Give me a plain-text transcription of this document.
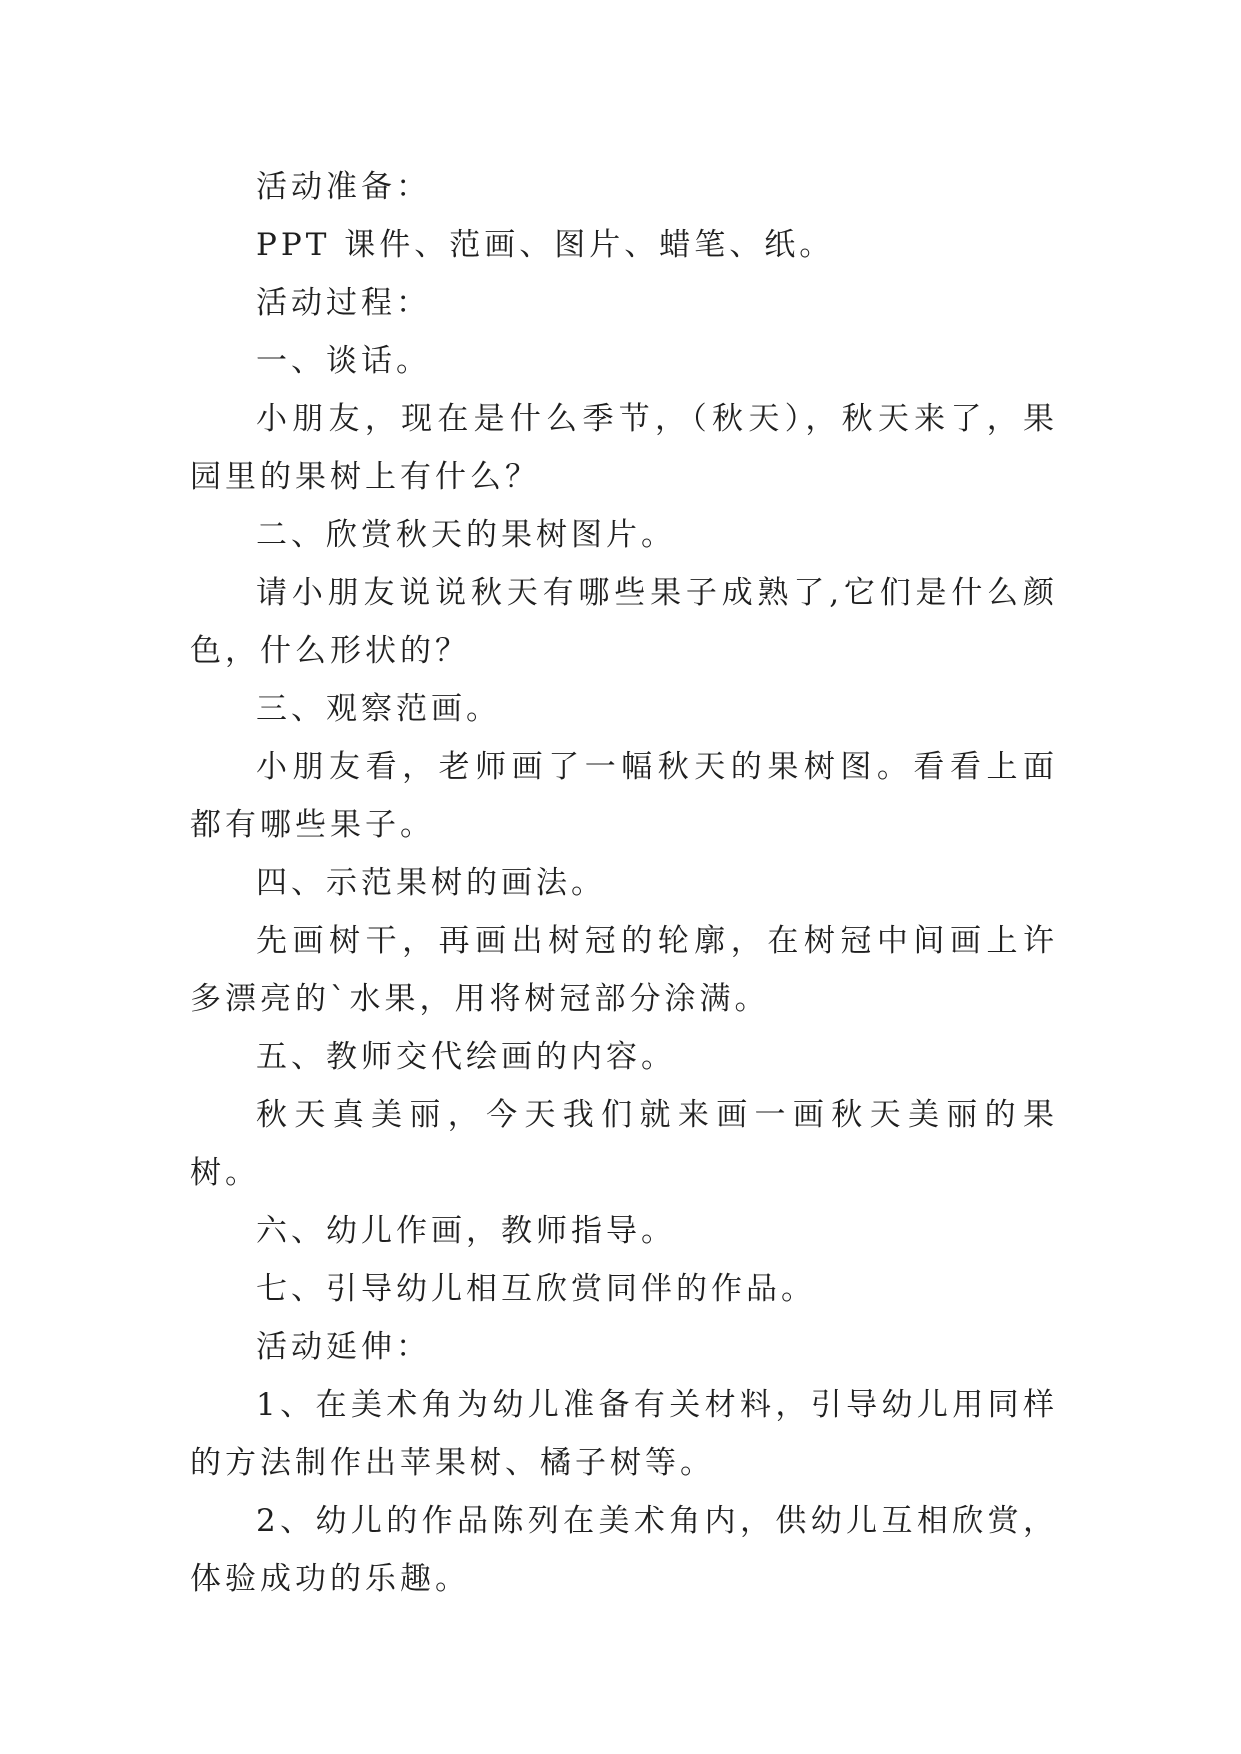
活动准备：

PPT 课件、范画、图片、蜡笔、纸。

活动过程：

一、谈话。

小朋友，现在是什么季节，（秋天），秋天来了，果园里的果树上有什么？

二、欣赏秋天的果树图片。

请小朋友说说秋天有哪些果子成熟了,它们是什么颜色，什么形状的？

三、观察范画。

小朋友看，老师画了一幅秋天的果树图。看看上面都有哪些果子。

四、示范果树的画法。

先画树干，再画出树冠的轮廓，在树冠中间画上许多漂亮的`水果，用将树冠部分涂满。

五、教师交代绘画的内容。

秋天真美丽，今天我们就来画一画秋天美丽的果树。

六、幼儿作画，教师指导。

七、引导幼儿相互欣赏同伴的作品。

活动延伸：

1、在美术角为幼儿准备有关材料，引导幼儿用同样的方法制作出苹果树、橘子树等。

2、幼儿的作品陈列在美术角内，供幼儿互相欣赏，体验成功的乐趣。
